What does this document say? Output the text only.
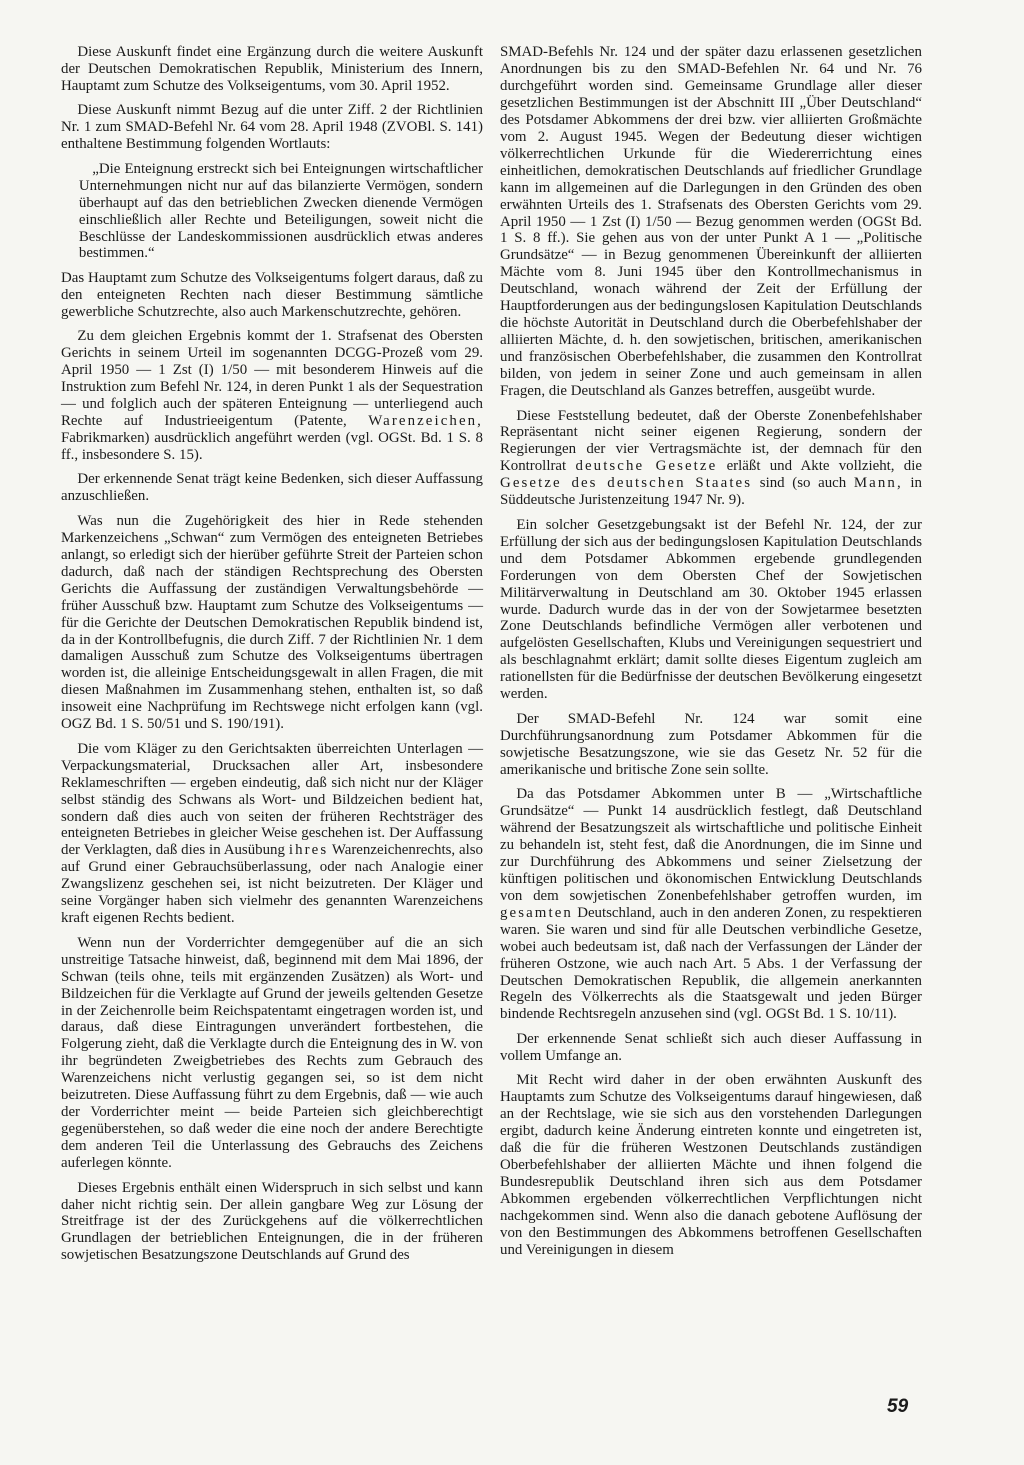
Diese Auskunft findet eine Ergänzung durch die weitere Auskunft der Deutschen Demokratischen Republik, Ministerium des Innern, Hauptamt zum Schutze des Volkseigentums, vom 30. April 1952.

Diese Auskunft nimmt Bezug auf die unter Ziff. 2 der Richtlinien Nr. 1 zum SMAD-Befehl Nr. 64 vom 28. April 1948 (ZVOBl. S. 141) enthaltene Bestimmung folgenden Wortlauts:

„Die Enteignung erstreckt sich bei Enteignungen wirtschaftlicher Unternehmungen nicht nur auf das bilanzierte Vermögen, sondern überhaupt auf das den betrieblichen Zwecken dienende Vermögen einschließlich aller Rechte und Beteiligungen, soweit nicht die Beschlüsse der Landeskommissionen ausdrücklich etwas anderes bestimmen.“

Das Hauptamt zum Schutze des Volkseigentums folgert daraus, daß zu den enteigneten Rechten nach dieser Bestimmung sämtliche gewerbliche Schutzrechte, also auch Markenschutzrechte, gehören.

Zu dem gleichen Ergebnis kommt der 1. Strafsenat des Obersten Gerichts in seinem Urteil im sogenannten DCGG-Prozeß vom 29. April 1950 — 1 Zst (I) 1/50 — mit besonderem Hinweis auf die Instruktion zum Befehl Nr. 124, in deren Punkt 1 als der Sequestration — und folglich auch der späteren Enteignung — unterliegend auch Rechte auf Industrieeigentum (Patente, Warenzeichen, Fabrikmarken) ausdrücklich angeführt werden (vgl. OGSt. Bd. 1 S. 8 ff., insbesondere S. 15).

Der erkennende Senat trägt keine Bedenken, sich dieser Auffassung anzuschließen.

Was nun die Zugehörigkeit des hier in Rede stehenden Markenzeichens „Schwan“ zum Vermögen des enteigneten Betriebes anlangt, so erledigt sich der hierüber geführte Streit der Parteien schon dadurch, daß nach der ständigen Rechtsprechung des Obersten Gerichts die Auffassung der zuständigen Verwaltungsbehörde — früher Ausschuß bzw. Hauptamt zum Schutze des Volkseigentums — für die Gerichte der Deutschen Demokratischen Republik bindend ist, da in der Kontrollbefugnis, die durch Ziff. 7 der Richtlinien Nr. 1 dem damaligen Ausschuß zum Schutze des Volkseigentums übertragen worden ist, die alleinige Entscheidungsgewalt in allen Fragen, die mit diesen Maßnahmen im Zusammenhang stehen, enthalten ist, so daß insoweit eine Nachprüfung im Rechtswege nicht erfolgen kann (vgl. OGZ Bd. 1 S. 50/51 und S. 190/191).

Die vom Kläger zu den Gerichtsakten überreichten Unterlagen — Verpackungsmaterial, Drucksachen aller Art, insbesondere Reklameschriften — ergeben eindeutig, daß sich nicht nur der Kläger selbst ständig des Schwans als Wort- und Bildzeichen bedient hat, sondern daß dies auch von seiten der früheren Rechtsträger des enteigneten Betriebes in gleicher Weise geschehen ist. Der Auffassung der Verklagten, daß dies in Ausübung ihres Warenzeichenrechts, also auf Grund einer Gebrauchsüberlassung, oder nach Analogie einer Zwangslizenz geschehen sei, ist nicht beizutreten. Der Kläger und seine Vorgänger haben sich vielmehr des genannten Warenzeichens kraft eigenen Rechts bedient.

Wenn nun der Vorderrichter demgegenüber auf die an sich unstreitige Tatsache hinweist, daß, beginnend mit dem Mai 1896, der Schwan (teils ohne, teils mit ergänzenden Zusätzen) als Wort- und Bildzeichen für die Verklagte auf Grund der jeweils geltenden Gesetze in der Zeichenrolle beim Reichspatentamt eingetragen worden ist, und daraus, daß diese Eintragungen unverändert fortbestehen, die Folgerung zieht, daß die Verklagte durch die Enteignung des in W. von ihr begründeten Zweigbetriebes des Rechts zum Gebrauch des Warenzeichens nicht verlustig gegangen sei, so ist dem nicht beizutreten. Diese Auffassung führt zu dem Ergebnis, daß — wie auch der Vorderrichter meint — beide Parteien sich gleichberechtigt gegenüberstehen, so daß weder die eine noch der andere Berechtigte dem anderen Teil die Unterlassung des Gebrauchs des Zeichens auferlegen könnte.

Dieses Ergebnis enthält einen Widerspruch in sich selbst und kann daher nicht richtig sein. Der allein gangbare Weg zur Lösung der Streitfrage ist der des Zurückgehens auf die völkerrechtlichen Grundlagen der betrieblichen Enteignungen, die in der früheren sowjetischen Besatzungszone Deutschlands auf Grund des

SMAD-Befehls Nr. 124 und der später dazu erlassenen gesetzlichen Anordnungen bis zu den SMAD-Befehlen Nr. 64 und Nr. 76 durchgeführt worden sind. Gemeinsame Grundlage aller dieser gesetzlichen Bestimmungen ist der Abschnitt III „Über Deutschland“ des Potsdamer Abkommens der drei bzw. vier alliierten Großmächte vom 2. August 1945. Wegen der Bedeutung dieser wichtigen völkerrechtlichen Urkunde für die Wiedererrichtung eines einheitlichen, demokratischen Deutschlands auf friedlicher Grundlage kann im allgemeinen auf die Darlegungen in den Gründen des oben erwähnten Urteils des 1. Strafsenats des Obersten Gerichts vom 29. April 1950 — 1 Zst (I) 1/50 — Bezug genommen werden (OGSt Bd. 1 S. 8 ff.). Sie gehen aus von der unter Punkt A 1 — „Politische Grundsätze“ — in Bezug genommenen Übereinkunft der alliierten Mächte vom 8. Juni 1945 über den Kontrollmechanismus in Deutschland, wonach während der Zeit der Erfüllung der Hauptforderungen aus der bedingungslosen Kapitulation Deutschlands die höchste Autorität in Deutschland durch die Oberbefehlshaber der alliierten Mächte, d. h. den sowjetischen, britischen, amerikanischen und französischen Oberbefehlshaber, die zusammen den Kontrollrat bilden, von jedem in seiner Zone und auch gemeinsam in allen Fragen, die Deutschland als Ganzes betreffen, ausgeübt wurde.

Diese Feststellung bedeutet, daß der Oberste Zonenbefehlshaber Repräsentant nicht seiner eigenen Regierung, sondern der Regierungen der vier Vertragsmächte ist, der demnach für den Kontrollrat deutsche Gesetze erläßt und Akte vollzieht, die Gesetze des deutschen Staates sind (so auch Mann, in Süddeutsche Juristenzeitung 1947 Nr. 9).

Ein solcher Gesetzgebungsakt ist der Befehl Nr. 124, der zur Erfüllung der sich aus der bedingungslosen Kapitulation Deutschlands und dem Potsdamer Abkommen ergebende grundlegenden Forderungen von dem Obersten Chef der Sowjetischen Militärverwaltung in Deutschland am 30. Oktober 1945 erlassen wurde. Dadurch wurde das in der von der Sowjetarmee besetzten Zone Deutschlands befindliche Vermögen aller verbotenen und aufgelösten Gesellschaften, Klubs und Vereinigungen sequestriert und als beschlagnahmt erklärt; damit sollte dieses Eigentum zugleich am rationellsten für die Bedürfnisse der deutschen Bevölkerung eingesetzt werden.

Der SMAD-Befehl Nr. 124 war somit eine Durchführungsanordnung zum Potsdamer Abkommen für die sowjetische Besatzungszone, wie sie das Gesetz Nr. 52 für die amerikanische und britische Zone sein sollte.

Da das Potsdamer Abkommen unter B — „Wirtschaftliche Grundsätze“ — Punkt 14 ausdrücklich festlegt, daß Deutschland während der Besatzungszeit als wirtschaftliche und politische Einheit zu behandeln ist, steht fest, daß die Anordnungen, die im Sinne und zur Durchführung des Abkommens und seiner Zielsetzung der künftigen politischen und ökonomischen Entwicklung Deutschlands von dem sowjetischen Zonenbefehlshaber getroffen wurden, im gesamten Deutschland, auch in den anderen Zonen, zu respektieren waren. Sie waren und sind für alle Deutschen verbindliche Gesetze, wobei auch bedeutsam ist, daß nach der Verfassungen der Länder der früheren Ostzone, wie auch nach Art. 5 Abs. 1 der Verfassung der Deutschen Demokratischen Republik, die allgemein anerkannten Regeln des Völkerrechts als die Staatsgewalt und jeden Bürger bindende Rechtsregeln anzusehen sind (vgl. OGSt Bd. 1 S. 10/11).

Der erkennende Senat schließt sich auch dieser Auffassung in vollem Umfange an.

Mit Recht wird daher in der oben erwähnten Auskunft des Hauptamts zum Schutze des Volkseigentums darauf hingewiesen, daß an der Rechtslage, wie sie sich aus den vorstehenden Darlegungen ergibt, dadurch keine Änderung eintreten konnte und eingetreten ist, daß die für die früheren Westzonen Deutschlands zuständigen Oberbefehlshaber der alliierten Mächte und ihnen folgend die Bundesrepublik Deutschland ihren sich aus dem Potsdamer Abkommen ergebenden völkerrechtlichen Verpflichtungen nicht nachgekommen sind. Wenn also die danach gebotene Auflösung der von den Bestimmungen des Abkommens betroffenen Gesellschaften und Vereinigungen in diesem

59
